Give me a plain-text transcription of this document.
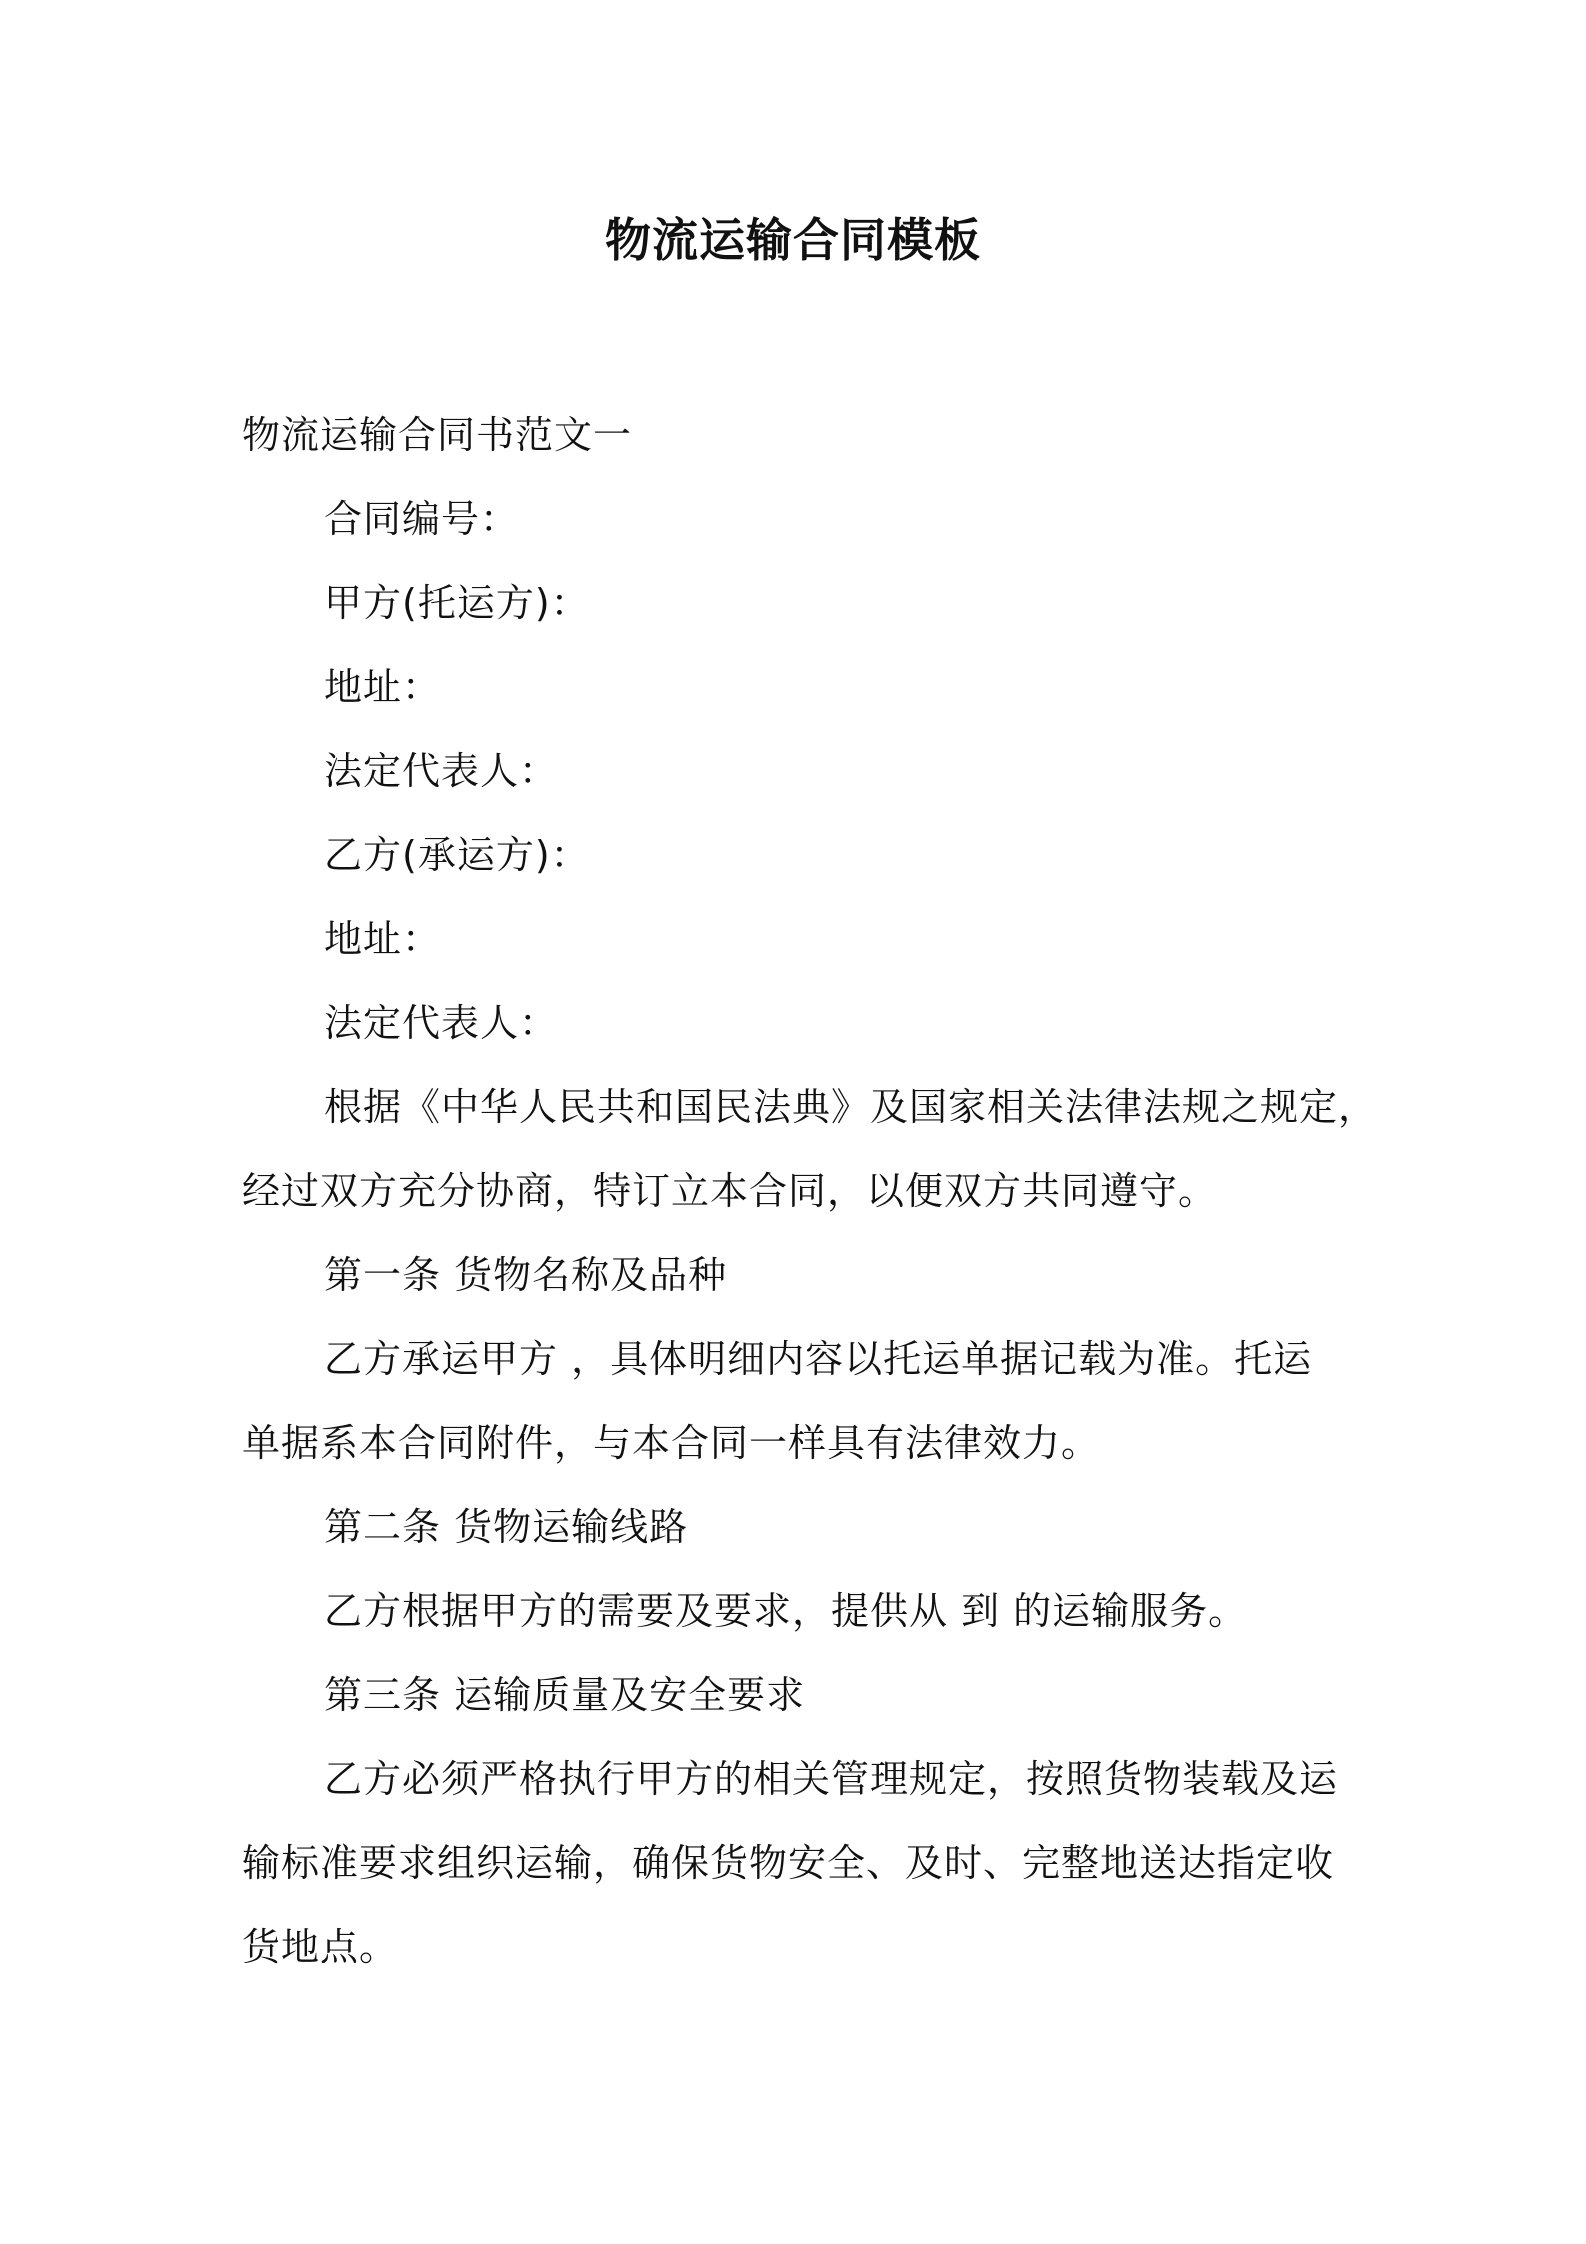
物流运输合同模板
物流运输合同书范文一
合同编号：
甲方(托运方)：
地址：
法定代表人：
乙方(承运方)：
地址：
法定代表人：
根据《中华人民共和国民法典》及国家相关法律法规之规定，
经过双方充分协商，特订立本合同，以便双方共同遵守。
第一条 货物名称及品种
乙方承运甲方 ，具体明细内容以托运单据记载为准。托运
单据系本合同附件，与本合同一样具有法律效力。
第二条 货物运输线路
乙方根据甲方的需要及要求，提供从 到 的运输服务。
第三条 运输质量及安全要求
乙方必须严格执行甲方的相关管理规定，按照货物装载及运
输标准要求组织运输，确保货物安全、及时、完整地送达指定收
货地点。
